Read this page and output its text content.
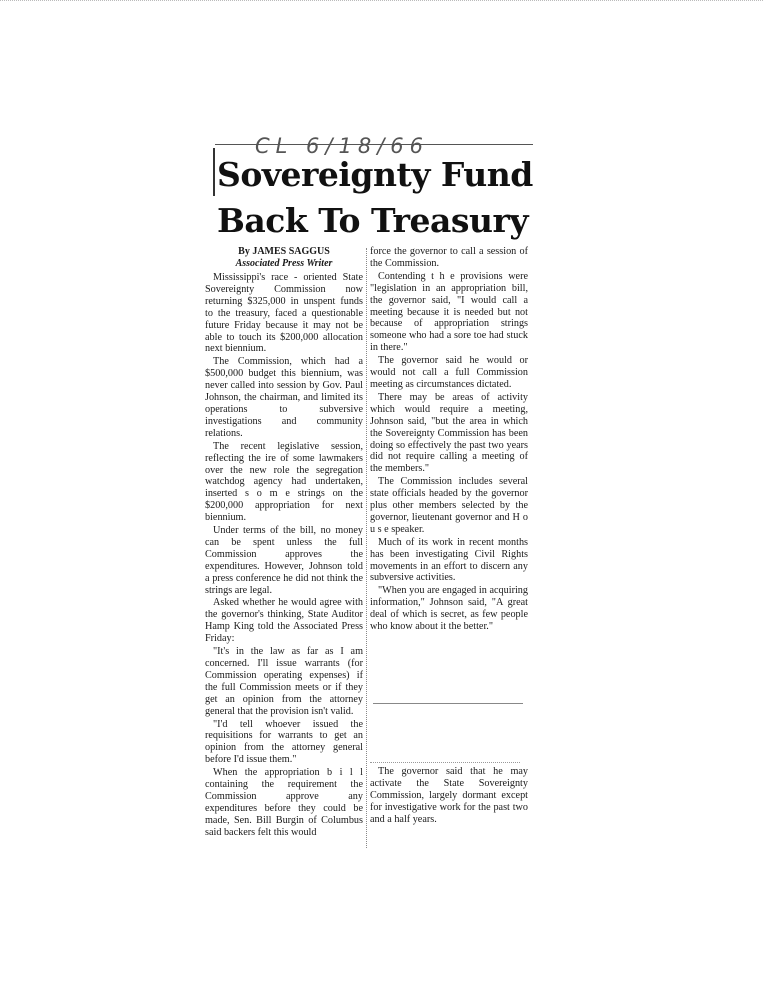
CL 6/18/66
Sovereignty Fund
Back To Treasury
By JAMES SAGGUS
Associated Press Writer

Mississippi's race - oriented State Sovereignty Commission now returning $325,000 in unspent funds to the treasury, faced a questionable future Friday because it may not be able to touch its $200,000 allocation next biennium.

The Commission, which had a $500,000 budget this biennium, was never called into session by Gov. Paul Johnson, the chairman, and limited its operations to subversive investigations and community relations.

The recent legislative session, reflecting the ire of some lawmakers over the new role the segregation watchdog agency had undertaken, inserted s o m e strings on the $200,000 appropriation for next biennium.

Under terms of the bill, no money can be spent unless the full Commission approves the expenditures. However, Johnson told a press conference he did not think the strings are legal.

Asked whether he would agree with the governor's thinking, State Auditor Hamp King told the Associated Press Friday:

"It's in the law as far as I am concerned. I'll issue warrants (for Commission operating expenses) if the full Commission meets or if they get an opinion from the attorney general that the provision isn't valid.

"I'd tell whoever issued the requisitions for warrants to get an opinion from the attorney general before I'd issue them."

When the appropriation b i l l containing the requirement the Commission approve any expenditures before they could be made, Sen. Bill Burgin of Columbus said backers felt this would

force the governor to call a session of the Commission.

Contending t h e provisions were "legislation in an appropriation bill, the governor said, "I would call a meeting because it is needed but not because of appropriation strings someone who had a sore toe had stuck in there."

The governor said he would or would not call a full Commission meeting as circumstances dictated.

There may be areas of activity which would require a meeting, Johnson said, "but the area in which the Sovereignty Commission has been doing so effectively the past two years did not require calling a meeting of the members."

The Commission includes several state officials headed by the governor plus other members selected by the governor, lieutenant governor and H o u s e speaker.

Much of its work in recent months has been investigating Civil Rights movements in an effort to discern any subversive activities.

"When you are engaged in acquiring information," Johnson said, "A great deal of which is secret, as few people who know about it the better."

The governor said that he may activate the State Sovereignty Commission, largely dormant except for investigative work for the past two and a half years.
